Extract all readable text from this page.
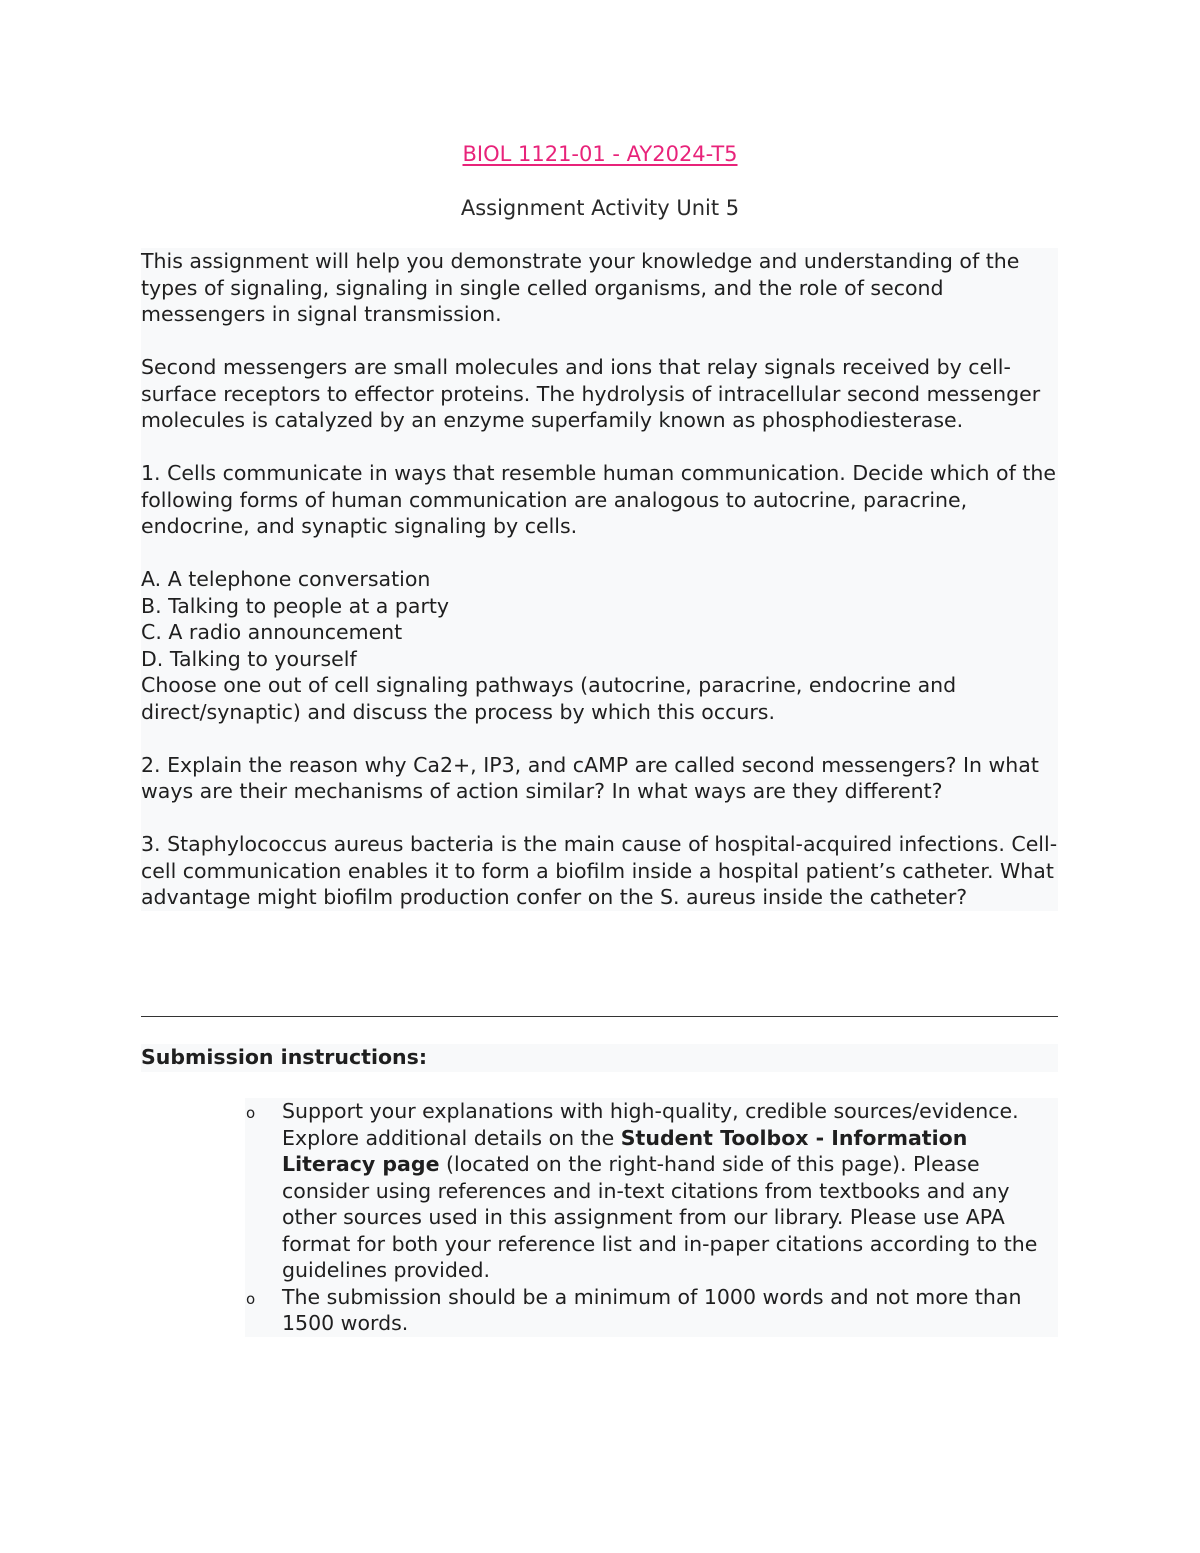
BIOL 1121-01 - AY2024-T5
Assignment Activity Unit 5

This assignment will help you demonstrate your knowledge and understanding of the types of signaling, signaling in single celled organisms, and the role of second messengers in signal transmission.

Second messengers are small molecules and ions that relay signals received by cell-surface receptors to effector proteins. The hydrolysis of intracellular second messenger molecules is catalyzed by an enzyme superfamily known as phosphodiesterase.

1. Cells communicate in ways that resemble human communication. Decide which of the following forms of human communication are analogous to autocrine, paracrine, endocrine, and synaptic signaling by cells.

A. A telephone conversation

B. Talking to people at a party

C. A radio announcement

D. Talking to yourself

Choose one out of cell signaling pathways (autocrine, paracrine, endocrine and direct/synaptic) and discuss the process by which this occurs.

2. Explain the reason why Ca2+, IP3, and cAMP are called second messengers? In what ways are their mechanisms of action similar? In what ways are they different?

3. Staphylococcus aureus bacteria is the main cause of hospital-acquired infections. Cell-cell communication enables it to form a biofilm inside a hospital patient’s catheter. What advantage might biofilm production confer on the S. aureus inside the catheter?

Submission instructions:
o Support your explanations with high-quality, credible sources/evidence. Explore additional details on the Student Toolbox - Information Literacy page (located on the right-hand side of this page). Please consider using references and in-text citations from textbooks and any other sources used in this assignment from our library. Please use APA format for both your reference list and in-paper citations according to the guidelines provided.
o The submission should be a minimum of 1000 words and not more than 1500 words.
